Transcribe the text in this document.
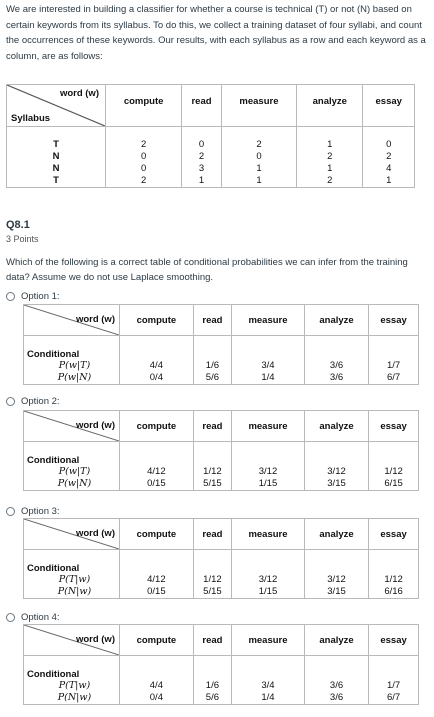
We are interested in building a classifier for whether a course is technical (T) or not (N) based on certain keywords from its syllabus. To do this, we collect a training dataset of four syllabi, and count the occurrences of these keywords. Our results, with each syllabus as a row and each keyword as a column, are as follows:

word (w)
Syllabus	compute	read	measure	analyze	essay

T	2	0	2	1	0
N	0	2	0	2	2
N	0	3	1	1	4
T	2	1	1	2	1
Q8.1
3 Points
Which of the following is a correct table of conditional probabilities we can infer from the training data? Assume we do not use Laplace smoothing.
Option 1:
word (w)	compute	read	measure	analyze	essay

Conditional					
P(w|T)	4/4	1/6	3/4	3/6	1/7
P(w|N)	0/4	5/6	1/4	3/6	6/7
Option 2:
word (w)	compute	read	measure	analyze	essay

Conditional					
P(w|T)	4/12	1/12	3/12	3/12	1/12
P(w|N)	0/15	5/15	1/15	3/15	6/15
Option 3:
word (w)	compute	read	measure	analyze	essay

Conditional					
P(T|w)	4/12	1/12	3/12	3/12	1/12
P(N|w)	0/15	5/15	1/15	3/15	6/16
Option 4:
word (w)	compute	read	measure	analyze	essay

Conditional					
P(T|w)	4/4	1/6	3/4	3/6	1/7
P(N|w)	0/4	5/6	1/4	3/6	6/7
